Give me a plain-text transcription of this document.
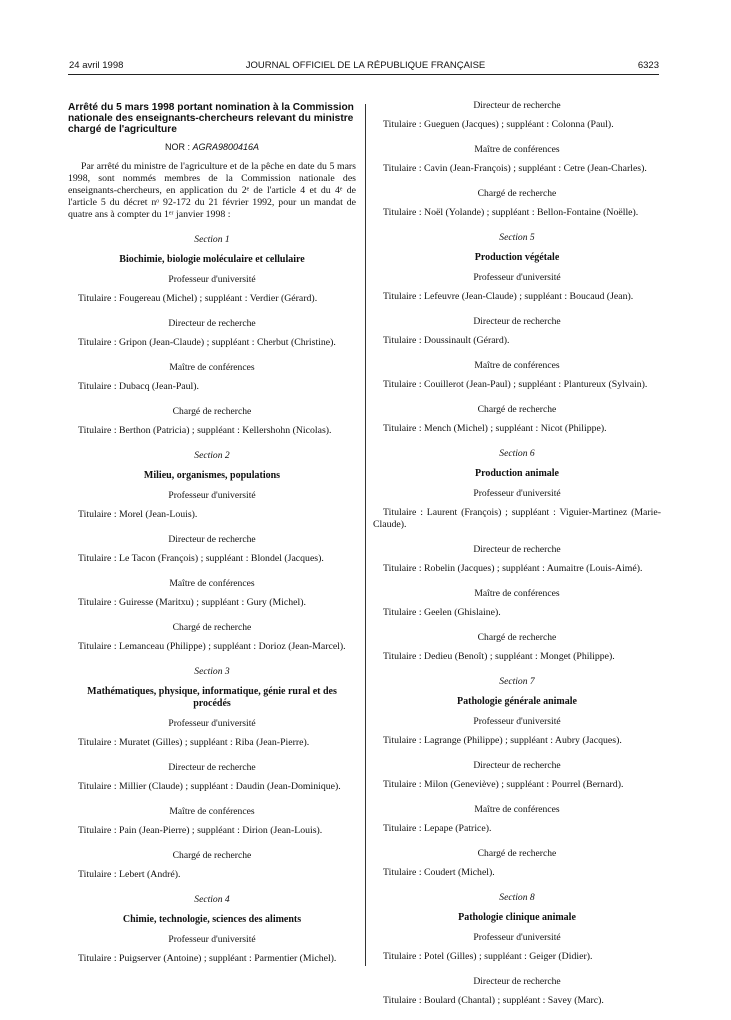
24 avril 1998	JOURNAL OFFICIEL DE LA RÉPUBLIQUE FRANÇAISE	6323
Arrêté du 5 mars 1998 portant nomination à la Commission nationale des enseignants-chercheurs relevant du ministre chargé de l'agriculture
NOR : AGRA9800416A

Par arrêté du ministre de l'agriculture et de la pêche en date du 5 mars 1998, sont nommés membres de la Commission nationale des enseignants-chercheurs, en application du 2ᵉ de l'article 4 et du 4ᵉ de l'article 5 du décret nᵒ 92-172 du 21 février 1992, pour un mandat de quatre ans à compter du 1ᵉʳ janvier 1998 :

Section 1
Biochimie, biologie moléculaire et cellulaire
Professeur d'université

Titulaire : Fougereau (Michel) ; suppléant : Verdier (Gérard).

Directeur de recherche

Titulaire : Gripon (Jean-Claude) ; suppléant : Cherbut (Christine).

Maître de conférences

Titulaire : Dubacq (Jean-Paul).

Chargé de recherche

Titulaire : Berthon (Patricia) ; suppléant : Kellershohn (Nicolas).

Section 2
Milieu, organismes, populations
Professeur d'université

Titulaire : Morel (Jean-Louis).

Directeur de recherche

Titulaire : Le Tacon (François) ; suppléant : Blondel (Jacques).

Maître de conférences

Titulaire : Guiresse (Maritxu) ; suppléant : Gury (Michel).

Chargé de recherche

Titulaire : Lemanceau (Philippe) ; suppléant : Dorioz (Jean-Marcel).

Section 3
Mathématiques, physique, informatique, génie rural et des procédés
Professeur d'université

Titulaire : Muratet (Gilles) ; suppléant : Riba (Jean-Pierre).

Directeur de recherche

Titulaire : Millier (Claude) ; suppléant : Daudin (Jean-Dominique).

Maître de conférences

Titulaire : Pain (Jean-Pierre) ; suppléant : Dirion (Jean-Louis).

Chargé de recherche

Titulaire : Lebert (André).

Section 4
Chimie, technologie, sciences des aliments
Professeur d'université

Titulaire : Puigserver (Antoine) ; suppléant : Parmentier (Michel).

Directeur de recherche

Titulaire : Gueguen (Jacques) ; suppléant : Colonna (Paul).

Maître de conférences

Titulaire : Cavin (Jean-François) ; suppléant : Cetre (Jean-Charles).

Chargé de recherche

Titulaire : Noël (Yolande) ; suppléant : Bellon-Fontaine (Noëlle).

Section 5
Production végétale
Professeur d'université

Titulaire : Lefeuvre (Jean-Claude) ; suppléant : Boucaud (Jean).

Directeur de recherche

Titulaire : Doussinault (Gérard).

Maître de conférences

Titulaire : Couillerot (Jean-Paul) ; suppléant : Plantureux (Sylvain).

Chargé de recherche

Titulaire : Mench (Michel) ; suppléant : Nicot (Philippe).

Section 6
Production animale
Professeur d'université

Titulaire : Laurent (François) ; suppléant : Viguier-Martinez (Marie-Claude).

Directeur de recherche

Titulaire : Robelin (Jacques) ; suppléant : Aumaitre (Louis-Aimé).

Maître de conférences

Titulaire : Geelen (Ghislaine).

Chargé de recherche

Titulaire : Dedieu (Benoît) ; suppléant : Monget (Philippe).

Section 7
Pathologie générale animale
Professeur d'université

Titulaire : Lagrange (Philippe) ; suppléant : Aubry (Jacques).

Directeur de recherche

Titulaire : Milon (Geneviève) ; suppléant : Pourrel (Bernard).

Maître de conférences

Titulaire : Lepape (Patrice).

Chargé de recherche

Titulaire : Coudert (Michel).

Section 8
Pathologie clinique animale
Professeur d'université

Titulaire : Potel (Gilles) ; suppléant : Geiger (Didier).

Directeur de recherche

Titulaire : Boulard (Chantal) ; suppléant : Savey (Marc).
